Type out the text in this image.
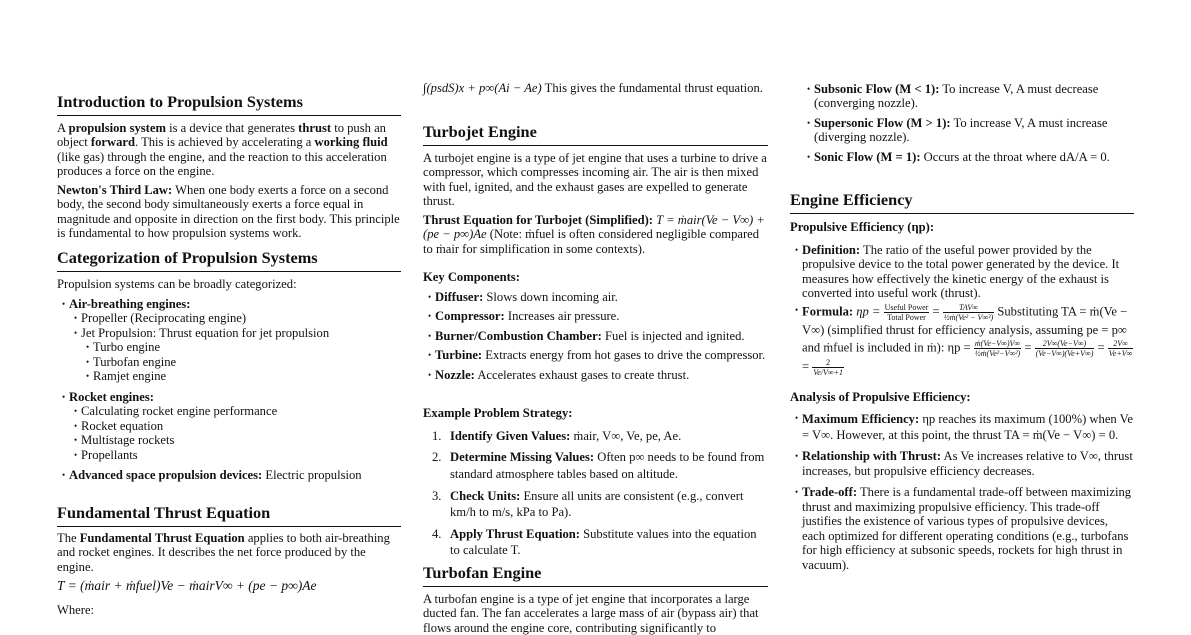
Introduction to Propulsion Systems

A propulsion system is a device that generates thrust to push an object forward. This is achieved by accelerating a working fluid (like gas) through the engine, and the reaction to this acceleration produces a force on the engine.

Newton's Third Law: When one body exerts a force on a second body, the second body simultaneously exerts a force equal in magnitude and opposite in direction on the first body. This principle is fundamental to how propulsion systems work.

Categorization of Propulsion Systems

Propulsion systems can be broadly categorized:

• Air-breathing engines:
• Propeller (Reciprocating engine)
• Jet Propulsion: Thrust equation for jet propulsion
• Turbo engine
• Turbofan engine
• Ramjet engine
• Rocket engines:
• Calculating rocket engine performance
• Rocket equation
• Multistage rockets
• Propellants
• Advanced space propulsion devices: Electric propulsion
Fundamental Thrust Equation

The Fundamental Thrust Equation applies to both air-breathing and rocket engines. It describes the net force produced by the engine.

T = (ṁair + ṁfuel)Ve − ṁairV∞ + (pe − p∞)Ae

Where:

∫(psdS)x + p∞(Ai − Ae) This gives the fundamental thrust equation.

Turbojet Engine

A turbojet engine is a type of jet engine that uses a turbine to drive a compressor, which compresses incoming air. The air is then mixed with fuel, ignited, and the exhaust gases are expelled to generate thrust.

Thrust Equation for Turbojet (Simplified): T = ṁair(Ve − V∞) + (pe − p∞)Ae (Note: ṁfuel is often considered negligible compared to ṁair for simplification in some contexts).

Key Components:

• Diffuser: Slows down incoming air.
• Compressor: Increases air pressure.
• Burner/Combustion Chamber: Fuel is injected and ignited.
• Turbine: Extracts energy from hot gases to drive the compressor.
• Nozzle: Accelerates exhaust gases to create thrust.

Example Problem Strategy:

1. Identify Given Values: ṁair, V∞, Ve, pe, Ae.
2. Determine Missing Values: Often p∞ needs to be found from standard atmosphere tables based on altitude.
3. Check Units: Ensure all units are consistent (e.g., convert km/h to m/s, kPa to Pa).
4. Apply Thrust Equation: Substitute values into the equation to calculate T.
Turbofan Engine

A turbofan engine is a type of jet engine that incorporates a large ducted fan. The fan accelerates a large mass of air (bypass air) that flows around the engine core, contributing significantly to

• Subsonic Flow (M < 1): To increase V, A must decrease (converging nozzle).
• Supersonic Flow (M > 1): To increase V, A must increase (diverging nozzle).
• Sonic Flow (M = 1): Occurs at the throat where dA/A = 0.
Engine Efficiency

Propulsive Efficiency (ηp):

• Definition: The ratio of the useful power provided by the propulsive device to the total power generated by the device. It measures how effectively the kinetic energy of the exhaust is converted into useful work (thrust).
• Formula: $\eta p = \frac{\text{Useful Power}}{\text{Total Power}} = \frac{\text{TAV∞}}{\text{½ṁ(Ve² − V∞²)}}$ Substituting TA = ṁ(Ve − V∞) (simplified thrust for efficiency analysis, assuming pe = p∞ and ṁfuel is included in ṁ): $\eta p = \frac{\text{ṁ(Ve−V∞)V∞}}{\text{½ṁ(Ve²−V∞²)}} = \frac{2V\infty(Ve-V\infty)}{(Ve-V\infty)(Ve+V\infty)} = \frac{2V\infty}{Ve+V\infty}$
= $\frac{2}{Ve/V\infty+1}$

Analysis of Propulsive Efficiency:

• Maximum Efficiency: ηp reaches its maximum (100%) when Ve = V∞. However, at this point, the thrust TA = ṁ(Ve − V∞) = 0.
• Relationship with Thrust: As Ve increases relative to V∞, thrust increases, but propulsive efficiency decreases.
• Trade-off: There is a fundamental trade-off between maximizing thrust and maximizing propulsive efficiency. This trade-off justifies the existence of various types of propulsive devices, each optimized for different operating conditions (e.g., turbofans for high efficiency at subsonic speeds, rockets for high thrust in vacuum).
